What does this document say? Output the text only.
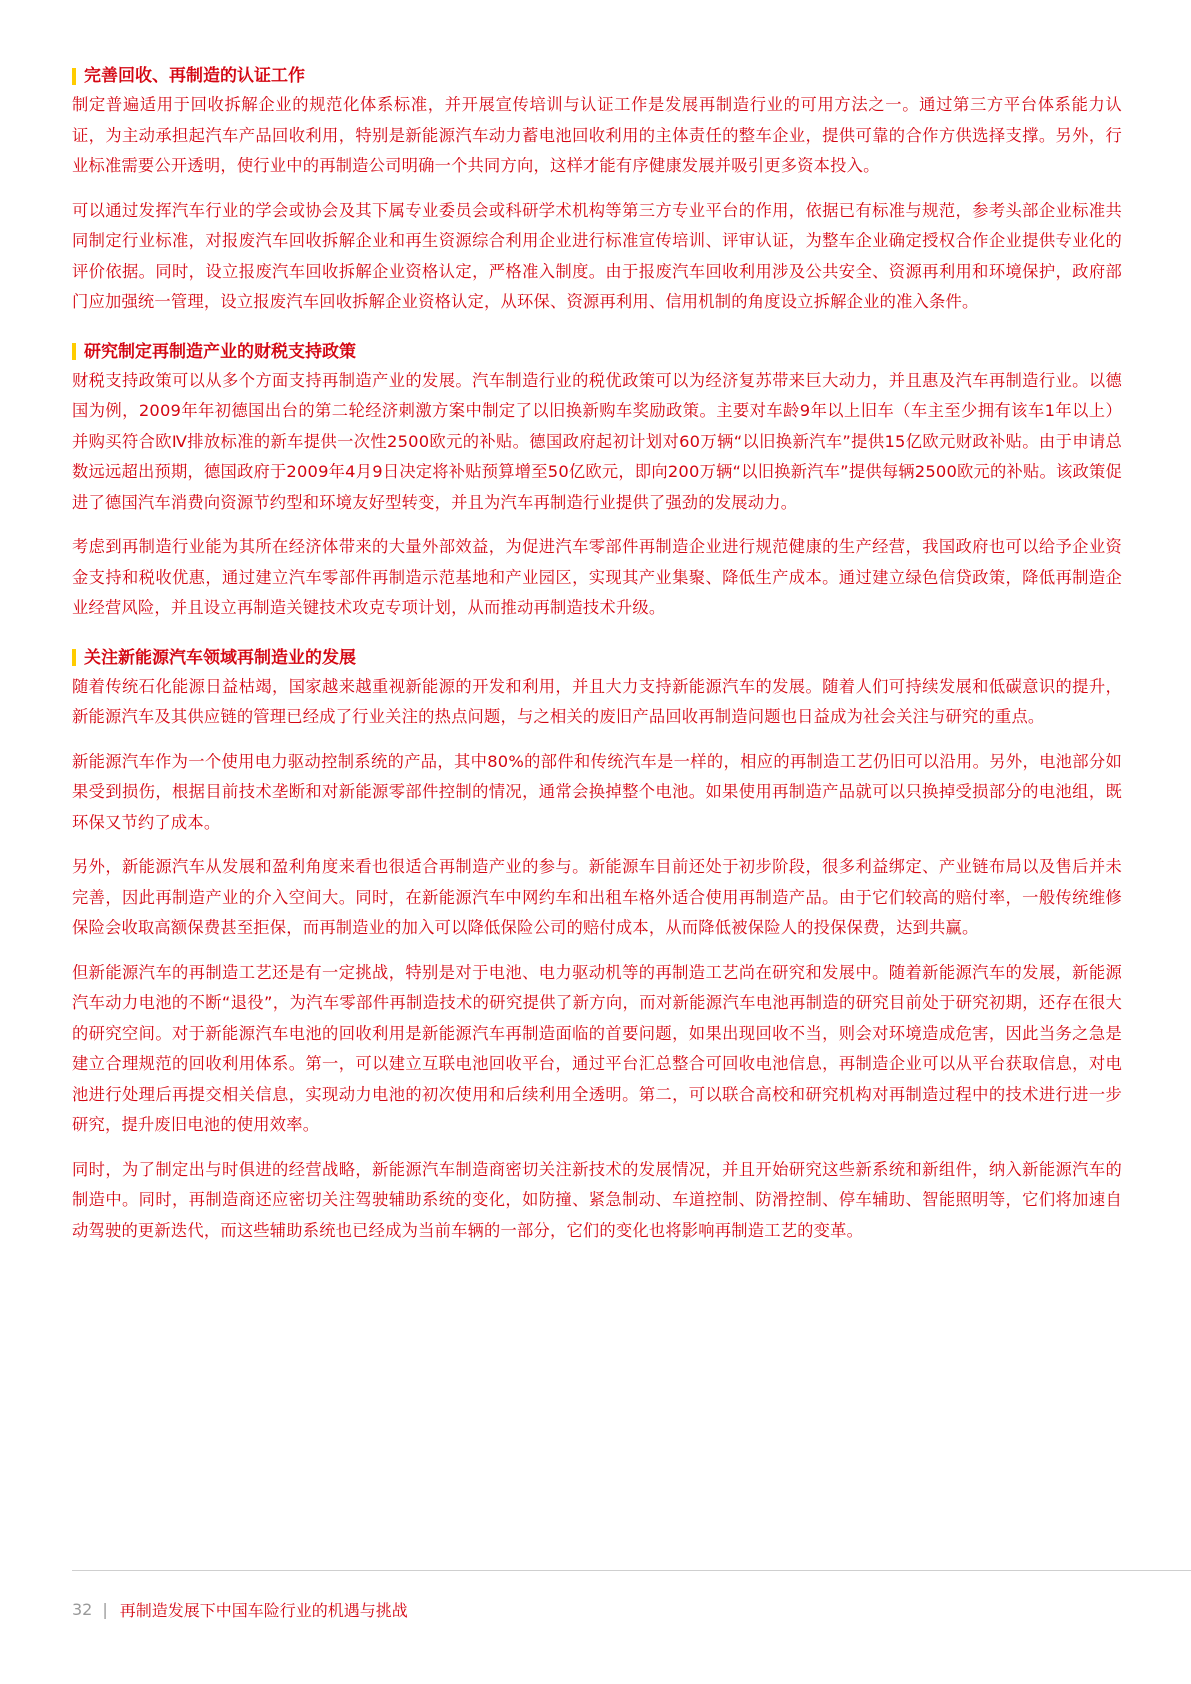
完善回收、再制造的认证工作

制定普遍适用于回收拆解企业的规范化体系标准，并开展宣传培训与认证工作是发展再制造行业的可用方法之一。通过第三方平台体系能力认证，为主动承担起汽车产品回收利用，特别是新能源汽车动力蓄电池回收利用的主体责任的整车企业，提供可靠的合作方供选择支撑。另外，行业标准需要公开透明，使行业中的再制造公司明确一个共同方向，这样才能有序健康发展并吸引更多资本投入。

可以通过发挥汽车行业的学会或协会及其下属专业委员会或科研学术机构等第三方专业平台的作用，依据已有标准与规范，参考头部企业标准共同制定行业标准，对报废汽车回收拆解企业和再生资源综合利用企业进行标准宣传培训、评审认证，为整车企业确定授权合作企业提供专业化的评价依据。同时，设立报废汽车回收拆解企业资格认定，严格准入制度。由于报废汽车回收利用涉及公共安全、资源再利用和环境保护，政府部门应加强统一管理，设立报废汽车回收拆解企业资格认定，从环保、资源再利用、信用机制的角度设立拆解企业的准入条件。

研究制定再制造产业的财税支持政策

财税支持政策可以从多个方面支持再制造产业的发展。汽车制造行业的税优政策可以为经济复苏带来巨大动力，并且惠及汽车再制造行业。以德国为例，2009年年初德国出台的第二轮经济刺激方案中制定了以旧换新购车奖励政策。主要对车龄9年以上旧车（车主至少拥有该车1年以上）并购买符合欧Ⅳ排放标准的新车提供一次性2500欧元的补贴。德国政府起初计划对60万辆“以旧换新汽车”提供15亿欧元财政补贴。由于申请总数远远超出预期，德国政府于2009年4月9日决定将补贴预算增至50亿欧元，即向200万辆“以旧换新汽车”提供每辆2500欧元的补贴。该政策促进了德国汽车消费向资源节约型和环境友好型转变，并且为汽车再制造行业提供了强劲的发展动力。

考虑到再制造行业能为其所在经济体带来的大量外部效益，为促进汽车零部件再制造企业进行规范健康的生产经营，我国政府也可以给予企业资金支持和税收优惠，通过建立汽车零部件再制造示范基地和产业园区，实现其产业集聚、降低生产成本。通过建立绿色信贷政策，降低再制造企业经营风险，并且设立再制造关键技术攻克专项计划，从而推动再制造技术升级。

关注新能源汽车领域再制造业的发展

随着传统石化能源日益枯竭，国家越来越重视新能源的开发和利用，并且大力支持新能源汽车的发展。随着人们可持续发展和低碳意识的提升，新能源汽车及其供应链的管理已经成了行业关注的热点问题，与之相关的废旧产品回收再制造问题也日益成为社会关注与研究的重点。

新能源汽车作为一个使用电力驱动控制系统的产品，其中80%的部件和传统汽车是一样的，相应的再制造工艺仍旧可以沿用。另外，电池部分如果受到损伤，根据目前技术垄断和对新能源零部件控制的情况，通常会换掉整个电池。如果使用再制造产品就可以只换掉受损部分的电池组，既环保又节约了成本。

另外，新能源汽车从发展和盈利角度来看也很适合再制造产业的参与。新能源车目前还处于初步阶段，很多利益绑定、产业链布局以及售后并未完善，因此再制造产业的介入空间大。同时，在新能源汽车中网约车和出租车格外适合使用再制造产品。由于它们较高的赔付率，一般传统维修保险会收取高额保费甚至拒保，而再制造业的加入可以降低保险公司的赔付成本，从而降低被保险人的投保保费，达到共赢。

但新能源汽车的再制造工艺还是有一定挑战，特别是对于电池、电力驱动机等的再制造工艺尚在研究和发展中。随着新能源汽车的发展，新能源汽车动力电池的不断“退役”，为汽车零部件再制造技术的研究提供了新方向，而对新能源汽车电池再制造的研究目前处于研究初期，还存在很大的研究空间。对于新能源汽车电池的回收利用是新能源汽车再制造面临的首要问题，如果出现回收不当，则会对环境造成危害，因此当务之急是建立合理规范的回收利用体系。第一，可以建立互联电池回收平台，通过平台汇总整合可回收电池信息，再制造企业可以从平台获取信息，对电池进行处理后再提交相关信息，实现动力电池的初次使用和后续利用全透明。第二，可以联合高校和研究机构对再制造过程中的技术进行进一步研究，提升废旧电池的使用效率。

同时，为了制定出与时俱进的经营战略，新能源汽车制造商密切关注新技术的发展情况，并且开始研究这些新系统和新组件，纳入新能源汽车的制造中。同时，再制造商还应密切关注驾驶辅助系统的变化，如防撞、紧急制动、车道控制、防滑控制、停车辅助、智能照明等，它们将加速自动驾驶的更新迭代，而这些辅助系统也已经成为当前车辆的一部分，它们的变化也将影响再制造工艺的变革。

32 | 再制造发展下中国车险行业的机遇与挑战
